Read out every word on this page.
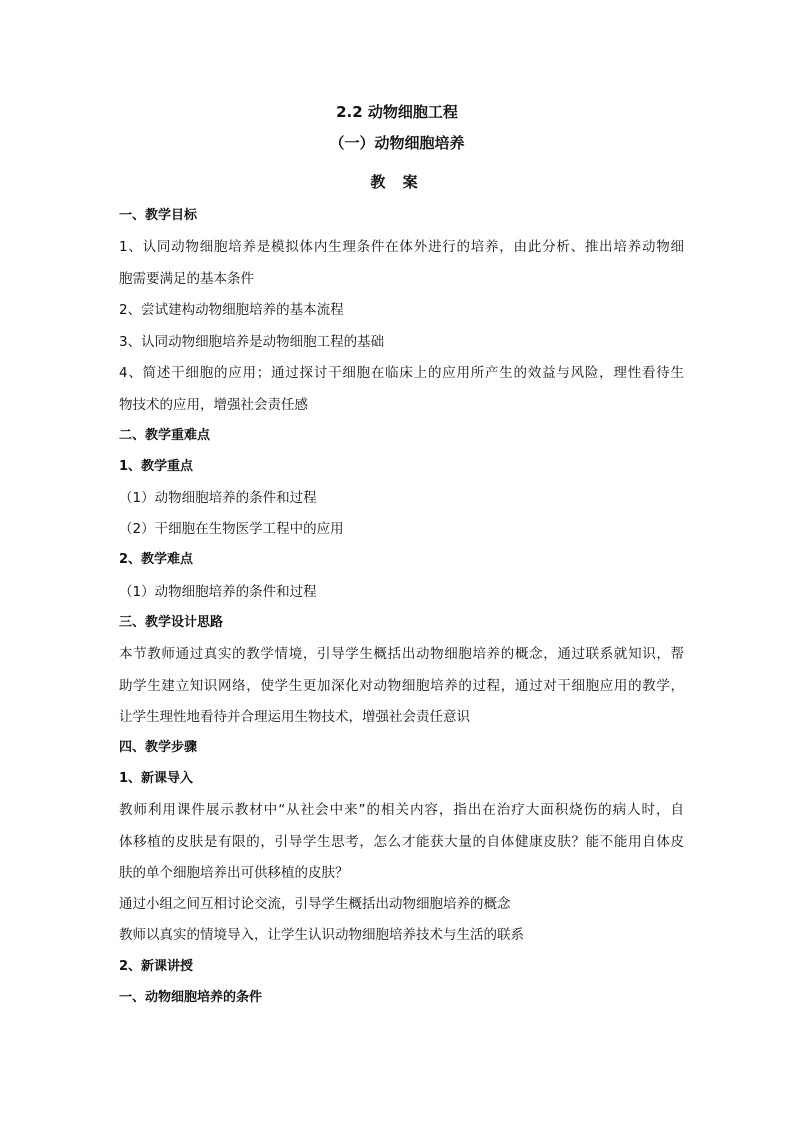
2.2 动物细胞工程
（一）动物细胞培养
教 案
一、教学目标
1、认同动物细胞培养是模拟体内生理条件在体外进行的培养，由此分析、推出培养动物细
胞需要满足的基本条件
2、尝试建构动物细胞培养的基本流程
3、认同动物细胞培养是动物细胞工程的基础
4、简述干细胞的应用；通过探讨干细胞在临床上的应用所产生的效益与风险，理性看待生
物技术的应用，增强社会责任感
二、教学重难点
1、教学重点
（1）动物细胞培养的条件和过程
（2）干细胞在生物医学工程中的应用
2、教学难点
（1）动物细胞培养的条件和过程
三、教学设计思路
本节教师通过真实的教学情境，引导学生概括出动物细胞培养的概念，通过联系就知识，帮
助学生建立知识网络，使学生更加深化对动物细胞培养的过程，通过对干细胞应用的教学，
让学生理性地看待并合理运用生物技术，增强社会责任意识
四、教学步骤
1、新课导入
教师利用课件展示教材中“从社会中来”的相关内容，指出在治疗大面积烧伤的病人时，自
体移植的皮肤是有限的，引导学生思考，怎么才能获大量的自体健康皮肤？能不能用自体皮
肤的单个细胞培养出可供移植的皮肤？
通过小组之间互相讨论交流，引导学生概括出动物细胞培养的概念
教师以真实的情境导入，让学生认识动物细胞培养技术与生活的联系
2、新课讲授
一、动物细胞培养的条件
